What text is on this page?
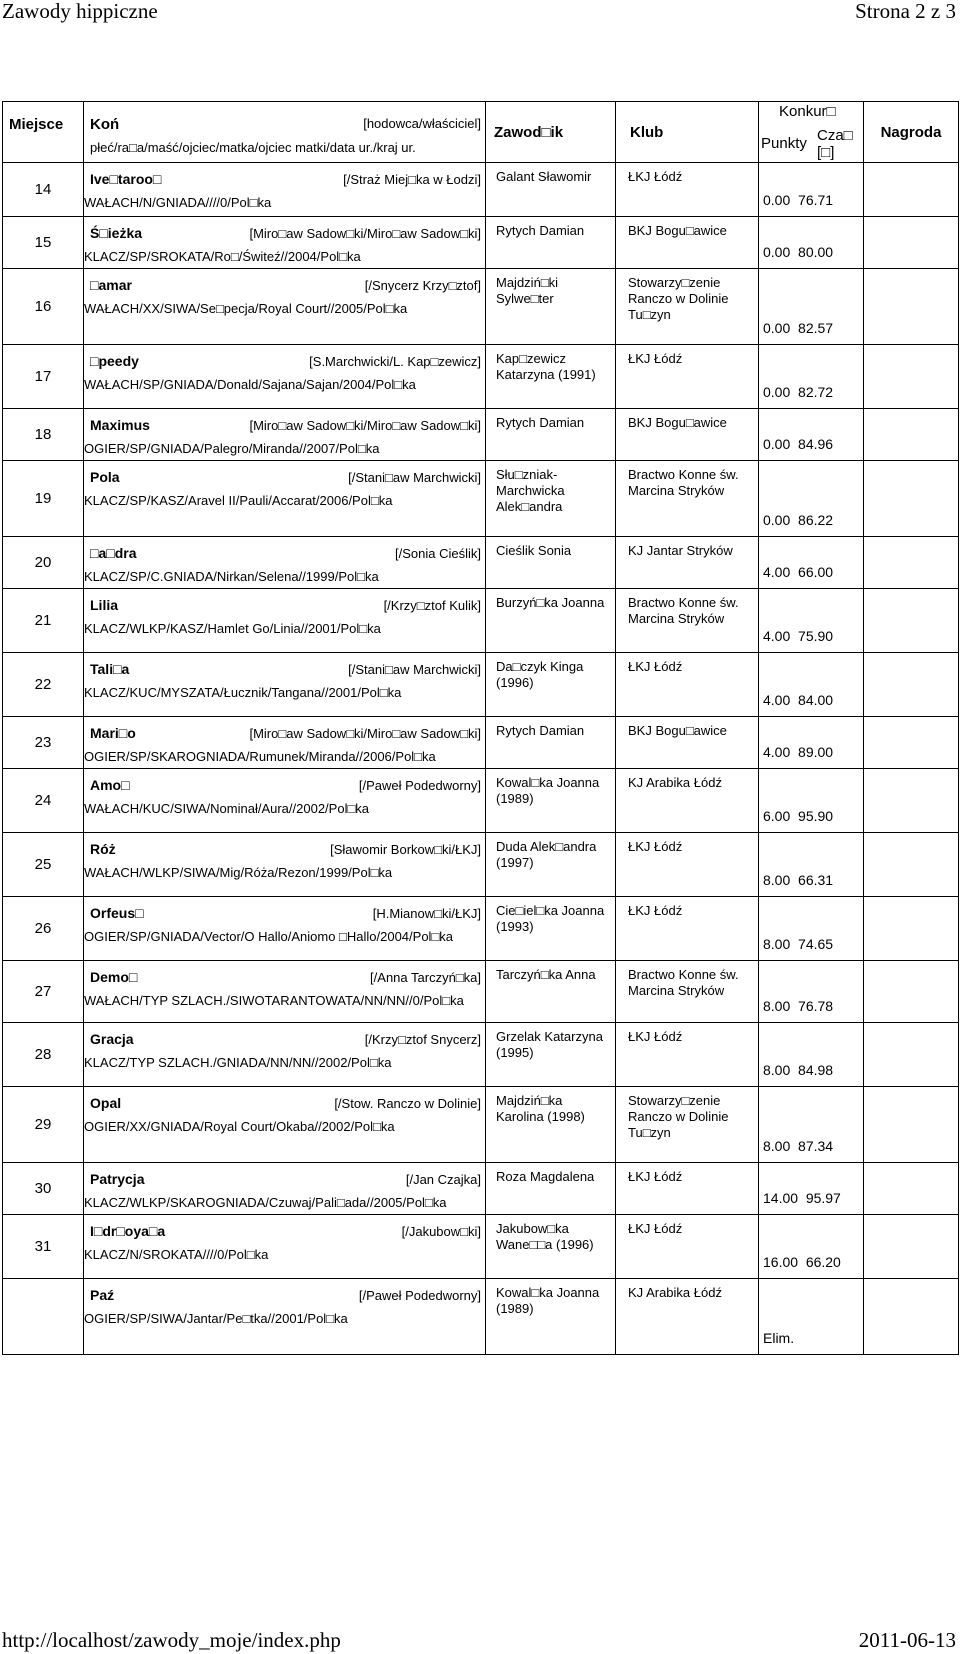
Zawody hippiczne	Strona 2 z 3
Miejsce	Koń [hodowca/właściciel]
płeć/ra□a/maść/ojciec/matka/ojciec matki/data ur./kraj ur.	Zawod□ik	Klub	Konkur□
Punkty Cza□ [□]	Nagroda
14	Ive□taroo□ [/Straż Miej□ka w Łodzi]
WAŁACH/N/GNIADA////0/Pol□ka	Galant Sławomir	ŁKJ Łódź	0.00  76.71	

15	Ś□ieżka [Miro□aw Sadow□ki/Miro□aw Sadow□ki]
KLACZ/SP/SROKATA/Ro□/Świteź//2004/Pol□ka	Rytych Damian	BKJ Bogu□awice	0.00  80.00	

16	□amar [/Snycerz Krzy□ztof]
WAŁACH/XX/SIWA/Se□pecja/Royal Court//2005/Pol□ka	Majdziń□ki
Sylwe□ter	Stowarzy□zenie
Ranczo w Dolinie
Tu□zyn	0.00  82.57	

17	□peedy [S.Marchwicki/L. Kap□zewicz]
WAŁACH/SP/GNIADA/Donald/Sajana/Sajan/2004/Pol□ka	Kap□zewicz
Katarzyna (1991)	ŁKJ Łódź	0.00  82.72	

18	Maximus [Miro□aw Sadow□ki/Miro□aw Sadow□ki]
OGIER/SP/GNIADA/Palegro/Miranda//2007/Pol□ka	Rytych Damian	BKJ Bogu□awice	0.00  84.96	

19	Pola [/Stani□aw Marchwicki]
KLACZ/SP/KASZ/Aravel II/Pauli/Accarat/2006/Pol□ka	Słu□zniak-
Marchwicka
Alek□andra	Bractwo Konne św.
Marcina Stryków	0.00  86.22	

20	□a□dra [/Sonia Cieślik]
KLACZ/SP/C.GNIADA/Nirkan/Selena//1999/Pol□ka	Cieślik Sonia	KJ Jantar Stryków	4.00  66.00	

21	Lilia [/Krzy□ztof Kulik]
KLACZ/WLKP/KASZ/Hamlet Go/Linia//2001/Pol□ka	Burzyń□ka Joanna	Bractwo Konne św.
Marcina Stryków	4.00  75.90	

22	Tali□a [/Stani□aw Marchwicki]
KLACZ/KUC/MYSZATA/Łucznik/Tangana//2001/Pol□ka	Da□czyk Kinga
(1996)	ŁKJ Łódź	4.00  84.00	

23	Mari□o [Miro□aw Sadow□ki/Miro□aw Sadow□ki]
OGIER/SP/SKAROGNIADA/Rumunek/Miranda//2006/Pol□ka	Rytych Damian	BKJ Bogu□awice	4.00  89.00	

24	Amo□ [/Paweł Podedworny]
WAŁACH/KUC/SIWA/Nominał/Aura//2002/Pol□ka	Kowal□ka Joanna
(1989)	KJ Arabika Łódź	6.00  95.90	

25	Róż [Sławomir Borkow□ki/ŁKJ]
WAŁACH/WLKP/SIWA/Mig/Róża/Rezon/1999/Pol□ka	Duda Alek□andra
(1997)	ŁKJ Łódź	8.00  66.31	

26	Orfeus□ [H.Mianow□ki/ŁKJ]
OGIER/SP/GNIADA/Vector/O Hallo/Aniomo □Hallo/2004/Pol□ka	Cie□iel□ka Joanna
(1993)	ŁKJ Łódź	8.00  74.65	

27	Demo□ [/Anna Tarczyń□ka]
WAŁACH/TYP SZLACH./SIWOTARANTOWATA/NN/NN//0/Pol□ka	Tarczyń□ka Anna	Bractwo Konne św.
Marcina Stryków	8.00  76.78	

28	Gracja [/Krzy□ztof Snycerz]
KLACZ/TYP SZLACH./GNIADA/NN/NN//2002/Pol□ka	Grzelak Katarzyna
(1995)	ŁKJ Łódź	8.00  84.98	

29	Opal [/Stow. Ranczo w Dolinie]
OGIER/XX/GNIADA/Royal Court/Okaba//2002/Pol□ka	Majdziń□ka
Karolina (1998)	Stowarzy□zenie
Ranczo w Dolinie
Tu□zyn	8.00  87.34	

30	Patrycja [/Jan Czajka]
KLACZ/WLKP/SKAROGNIADA/Czuwaj/Pali□ada//2005/Pol□ka	Roza Magdalena	ŁKJ Łódź	14.00  95.97	

31	I□dr□oya□a [/Jakubow□ki]
KLACZ/N/SROKATA////0/Pol□ka	Jakubow□ka
Wane□□a (1996)	ŁKJ Łódź	16.00  66.20	

	Paź [/Paweł Podedworny]
OGIER/SP/SIWA/Jantar/Pe□tka//2001/Pol□ka	Kowal□ka Joanna
(1989)	KJ Arabika Łódź	Elim.	

http://localhost/zawody_moje/index.php	2011-06-13
